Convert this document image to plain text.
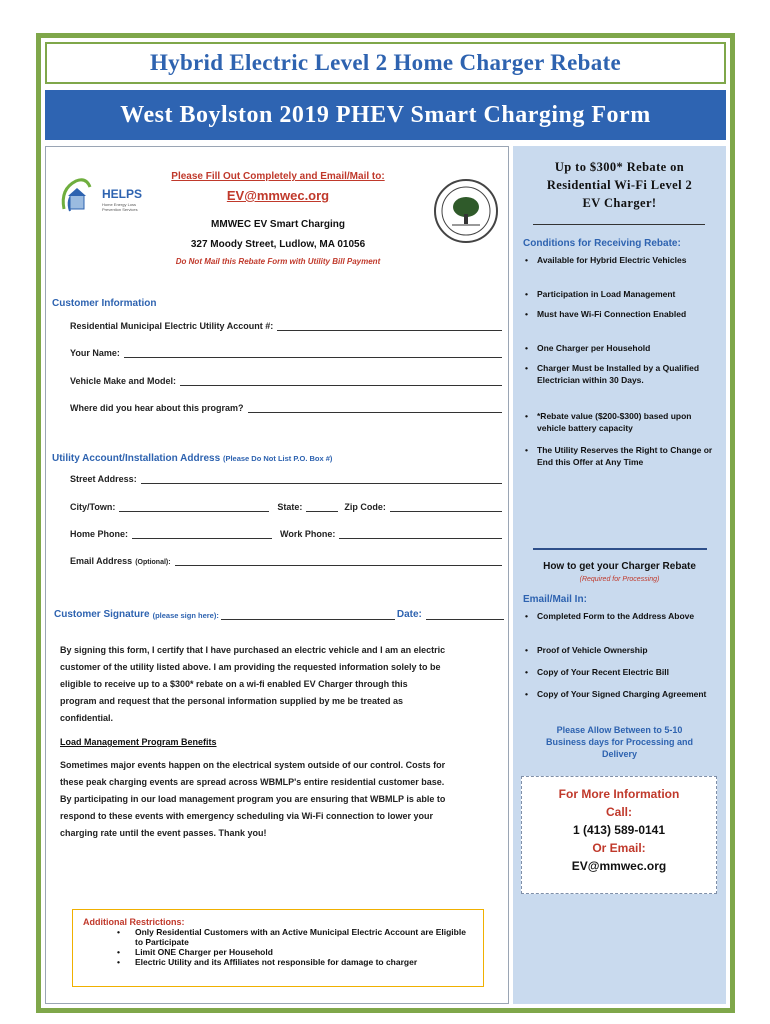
Hybrid Electric Level 2 Home Charger Rebate
West Boylston 2019 PHEV Smart Charging Form
HELPS
Home Energy Loss Prevention Services
Please Fill Out Completely and Email/Mail to:
EV@mmwec.org
MMWEC EV Smart Charging
327 Moody Street, Ludlow, MA 01056
Do Not Mail this Rebate Form with Utility Bill Payment
Customer Information
Residential Municipal Electric Utility Account #:
Your Name:
Vehicle Make and Model:
Where did you hear about this program?
Utility Account/Installation Address (Please Do Not List P.O. Box #)
Street Address:
City/Town:	State:	Zip Code:
Home Phone:	Work Phone:
Email Address (Optional):
Customer Signature (please sign here):	Date:
By signing this form, I certify that I have purchased an electric vehicle and I am an electric
customer of the utility listed above. I am providing the requested information solely to be
eligible to receive up to a $300* rebate on a wi-fi enabled EV Charger through this
program and request that the personal information supplied by me be treated as
confidential.
Load Management Program Benefits
Sometimes major events happen on the electrical system outside of our control. Costs for
these peak charging events are spread across WBMLP's entire residential customer base.
By participating in our load management program you are ensuring that WBMLP is able to
respond to these events with emergency scheduling via Wi-Fi connection to lower your
charging rate until the event passes. Thank you!
Additional Restrictions:
• Only Residential Customers with an Active Municipal Electric Account are Eligible to Participate
• Limit ONE Charger per Household
• Electric Utility and its Affiliates not responsible for damage to charger
Up to $300* Rebate on
Residential Wi-Fi Level 2
EV Charger!
Conditions for Receiving Rebate:
• Available for Hybrid Electric Vehicles
• Participation in Load Management
• Must have Wi-Fi Connection Enabled
• One Charger per Household
• Charger Must be Installed by a Qualified Electrician within 30 Days.
• *Rebate value ($200-$300) based upon vehicle battery capacity
• The Utility Reserves the Right to Change or End this Offer at Any Time
How to get your Charger Rebate
(Required for Processing)
Email/Mail In:
• Completed Form to the Address Above
• Proof of Vehicle Ownership
• Copy of Your Recent Electric Bill
• Copy of Your Signed Charging Agreement
Please Allow Between to 5-10
Business days for Processing and
Delivery
For More Information
Call:
1 (413) 589-0141
Or Email:
EV@mmwec.org
